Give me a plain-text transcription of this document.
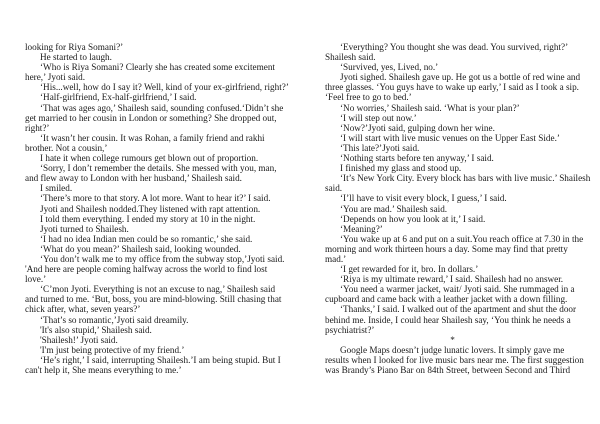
looking for Riya Somani?’
He started to laugh.
‘Who is Riya Somani? Clearly she has created some excitement
here,’ Jyoti said.
‘His...well, how do I say it? Well, kind of your ex-girlfriend, right?’
‘Half-girlfriend, Ex-half-girlfriend,’ I said.
‘That was ages ago,’ Shailesh said, sounding confused.‘Didn’t she
get married to her cousin in London or something? She dropped out,
right?’
‘It wasn’t her cousin. It was Rohan, a family friend and rakhi
brother. Not a cousin,’
I hate it when college rumours get blown out of proportion.
‘Sorry, I don’t remember the details. She messed with you, man,
and flew away to London with her husband,’ Shailesh said.
I smiled.
‘There’s more to that story. A lot more. Want to hear it?’ I said.
Jyoti and Shailesh nodded.They listened with rapt attention.
I told them everything. I ended my story at 10 in the night.
Jyoti turned to Shailesh.
‘I had no idea Indian men could be so romantic,’ she said.
‘What do you mean?’ Shailesh said, looking wounded.
‘You don’t walk me to my office from the subway stop,’Jyoti said.
'And here are people coming halfway across the world to find lost
love.’
‘C’mon Jyoti. Everything is not an excuse to nag,’ Shailesh said
and turned to me. ‘But, boss, you are mind-blowing. Still chasing that
chick after, what, seven years?’
‘That’s so romantic,’Jyoti said dreamily.
'It's also stupid,’ Shailesh said.
'Shailesh!’ Jyoti said.
'I'm just being protective of my friend.’
‘He’s right,’ I said, interrupting Shailesh.’I am being stupid. But I
can't help it, She means everything to me.’
‘Everything? You thought she was dead. You survived, right?’
Shailesh said.
‘Survived, yes, Lived, no.’
Jyoti sighed. Shailesh gave up. He got us a bottle of red wine and
three glasses. ‘You guys have to wake up early,’ I said as I took a sip.
‘Feel free to go to bed.’
‘No worries,’ Shailesh said. ‘What is your plan?’
‘I will step out now.’
‘Now?’Jyoti said, gulping down her wine.
‘I will start with live music venues on the Upper East Side.’
‘This late?’Jyoti said.
‘Nothing starts before ten anyway,’ I said.
I finished my glass and stood up.
‘It’s New York City. Every block has bars with live music.’ Shailesh
said.
‘I’ll have to visit every block, I guess,’ I said.
‘You are mad.’ Shailesh said.
‘Depends on how you look at it,’ I said.
‘Meaning?’
‘You wake up at 6 and put on a suit.You reach office at 7.30 in the
morning and work thirteen hours a day. Some may find that pretty
mad.’
‘I get rewarded for it, bro. In dollars.’
‘Riya is my ultimate reward,’ I said. Shailesh had no answer.
‘You need a warmer jacket, wait/ Jyoti said. She rummaged in a
cupboard and came back with a leather jacket with a down filling.
‘Thanks,’ I said. I walked out of the apartment and shut the door
behind me. Inside, I could hear Shailesh say, ‘You think he needs a
psychiatrist?’
*
Google Maps doesn’t judge lunatic lovers. It simply gave me
results when I looked for live music bars near me. The first suggestion
was Brandy’s Piano Bar on 84th Street, between Second and Third
